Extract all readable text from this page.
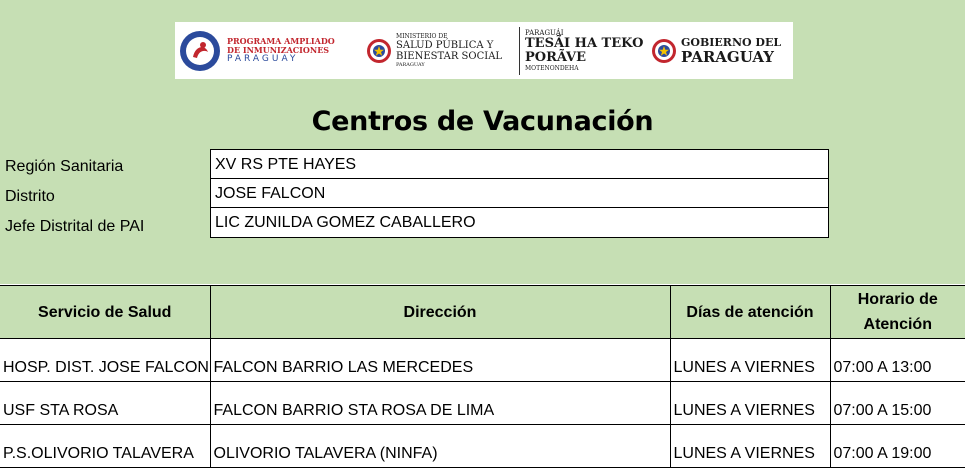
PROGRAMA AMPLIADO
DE INMUNIZACIONES
PARAGUAY
MINISTERIO DE
SALUD PÚBLICA Y
BIENESTAR SOCIAL
PARAGUAY
PARAGUÁI
TESÃI HA TEKO
PORÃVE
MOTENONDEHA
GOBIERNO DEL
PARAGUAY
Centros de Vacunación
Región Sanitaria	XV RS PTE HAYES
Distrito	JOSE FALCON
Jefe Distrital de PAI	LIC ZUNILDA GOMEZ CABALLERO
Servicio de Salud	Dirección	Días de atención	Horario de Atención
HOSP. DIST. JOSE FALCON	FALCON BARRIO LAS MERCEDES	LUNES A VIERNES	07:00 A 13:00
USF STA ROSA	FALCON BARRIO STA ROSA DE LIMA	LUNES A VIERNES	07:00 A 15:00
P.S.OLIVORIO TALAVERA	OLIVORIO TALAVERA (NINFA)	LUNES A VIERNES	07:00 A 19:00
